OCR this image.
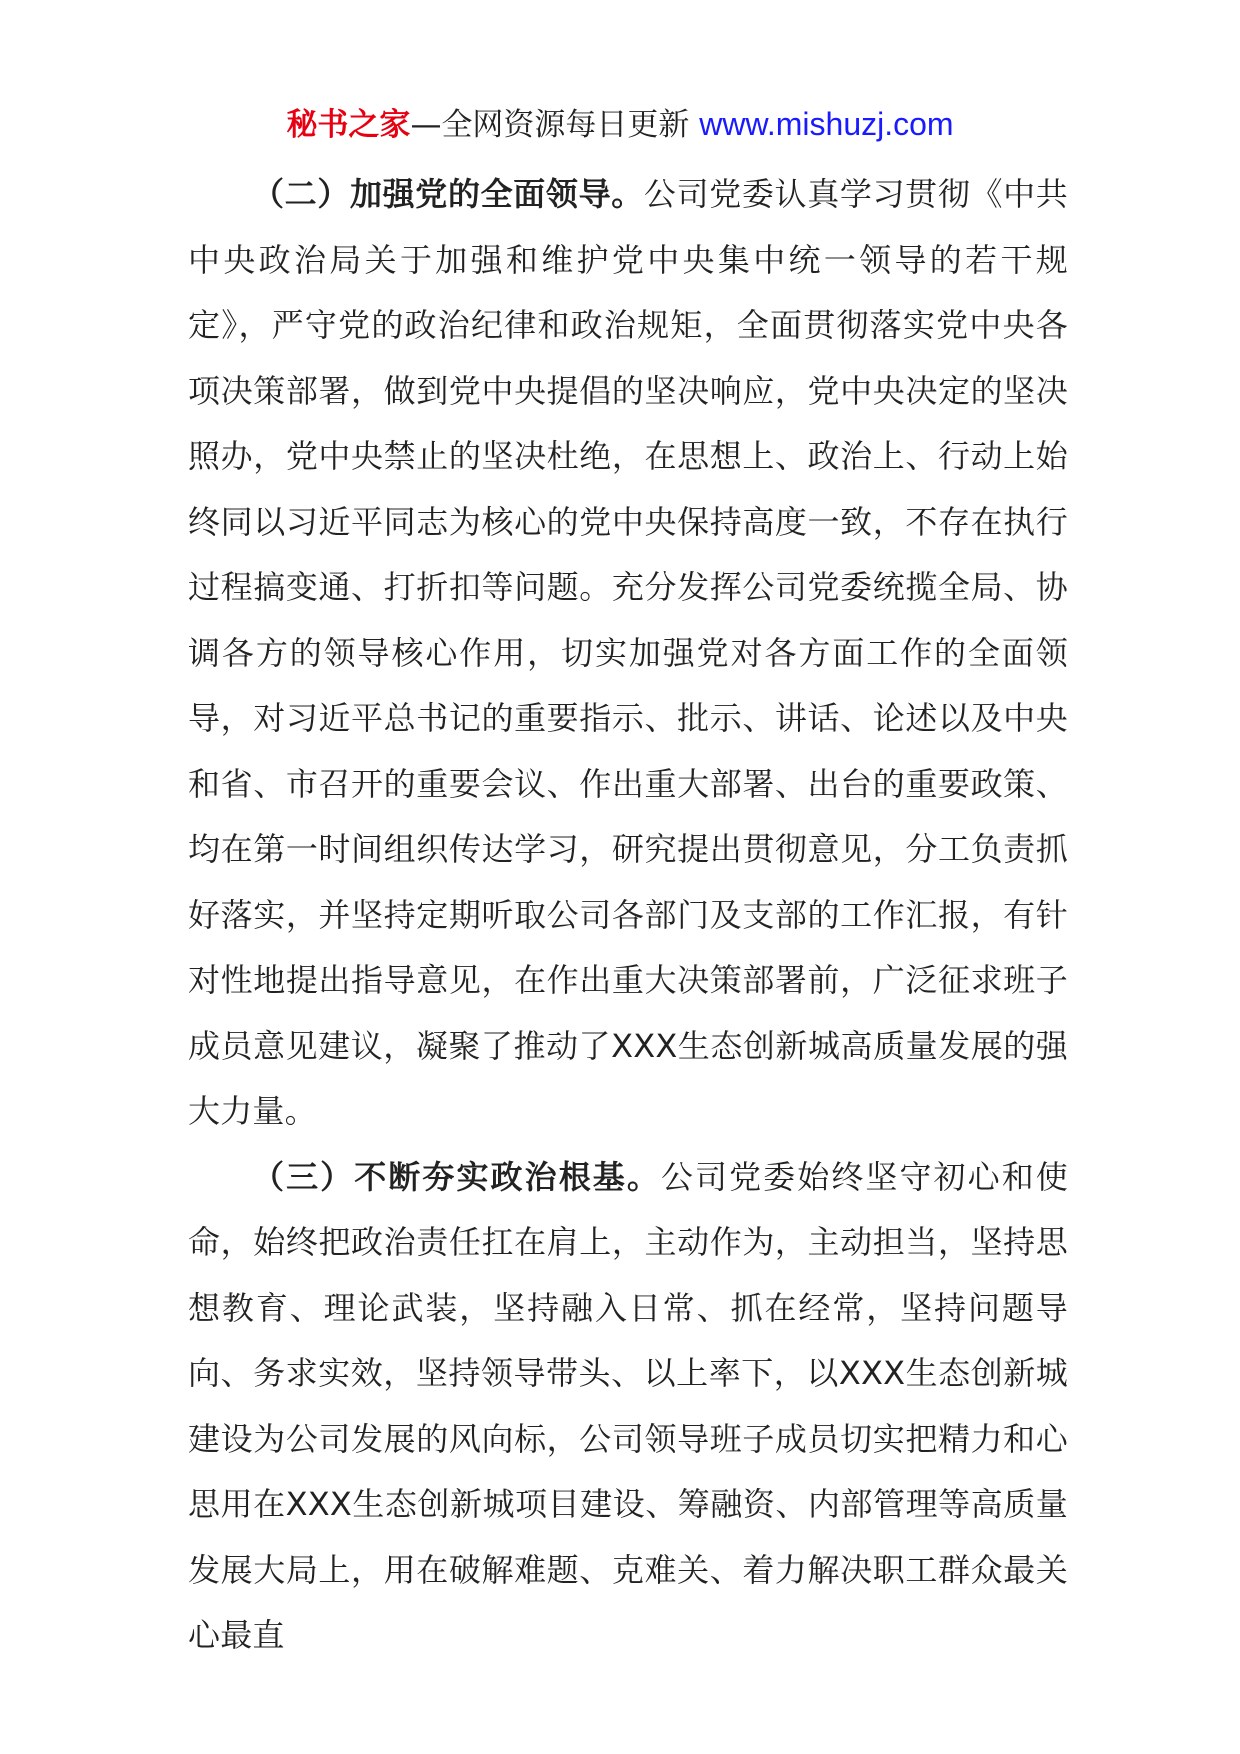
秘书之家—全网资源每日更新 www.mishuzj.com

（二）加强党的全面领导。公司党委认真学习贯彻《中共中央政治局关于加强和维护党中央集中统一领导的若干规定》，严守党的政治纪律和政治规矩，全面贯彻落实党中央各项决策部署，做到党中央提倡的坚决响应，党中央决定的坚决照办，党中央禁止的坚决杜绝，在思想上、政治上、行动上始终同以习近平同志为核心的党中央保持高度一致，不存在执行过程搞变通、打折扣等问题。充分发挥公司党委统揽全局、协调各方的领导核心作用，切实加强党对各方面工作的全面领导，对习近平总书记的重要指示、批示、讲话、论述以及中央和省、市召开的重要会议、作出重大部署、出台的重要政策、均在第一时间组织传达学习，研究提出贯彻意见，分工负责抓好落实，并坚持定期听取公司各部门及支部的工作汇报，有针对性地提出指导意见，在作出重大决策部署前，广泛征求班子成员意见建议，凝聚了推动了XXX生态创新城高质量发展的强大力量。

（三）不断夯实政治根基。公司党委始终坚守初心和使命，始终把政治责任扛在肩上，主动作为，主动担当，坚持思想教育、理论武装，坚持融入日常、抓在经常，坚持问题导向、务求实效，坚持领导带头、以上率下，以XXX生态创新城建设为公司发展的风向标，公司领导班子成员切实把精力和心思用在XXX生态创新城项目建设、筹融资、内部管理等高质量发展大局上，用在破解难题、克难关、着力解决职工群众最关心最直
